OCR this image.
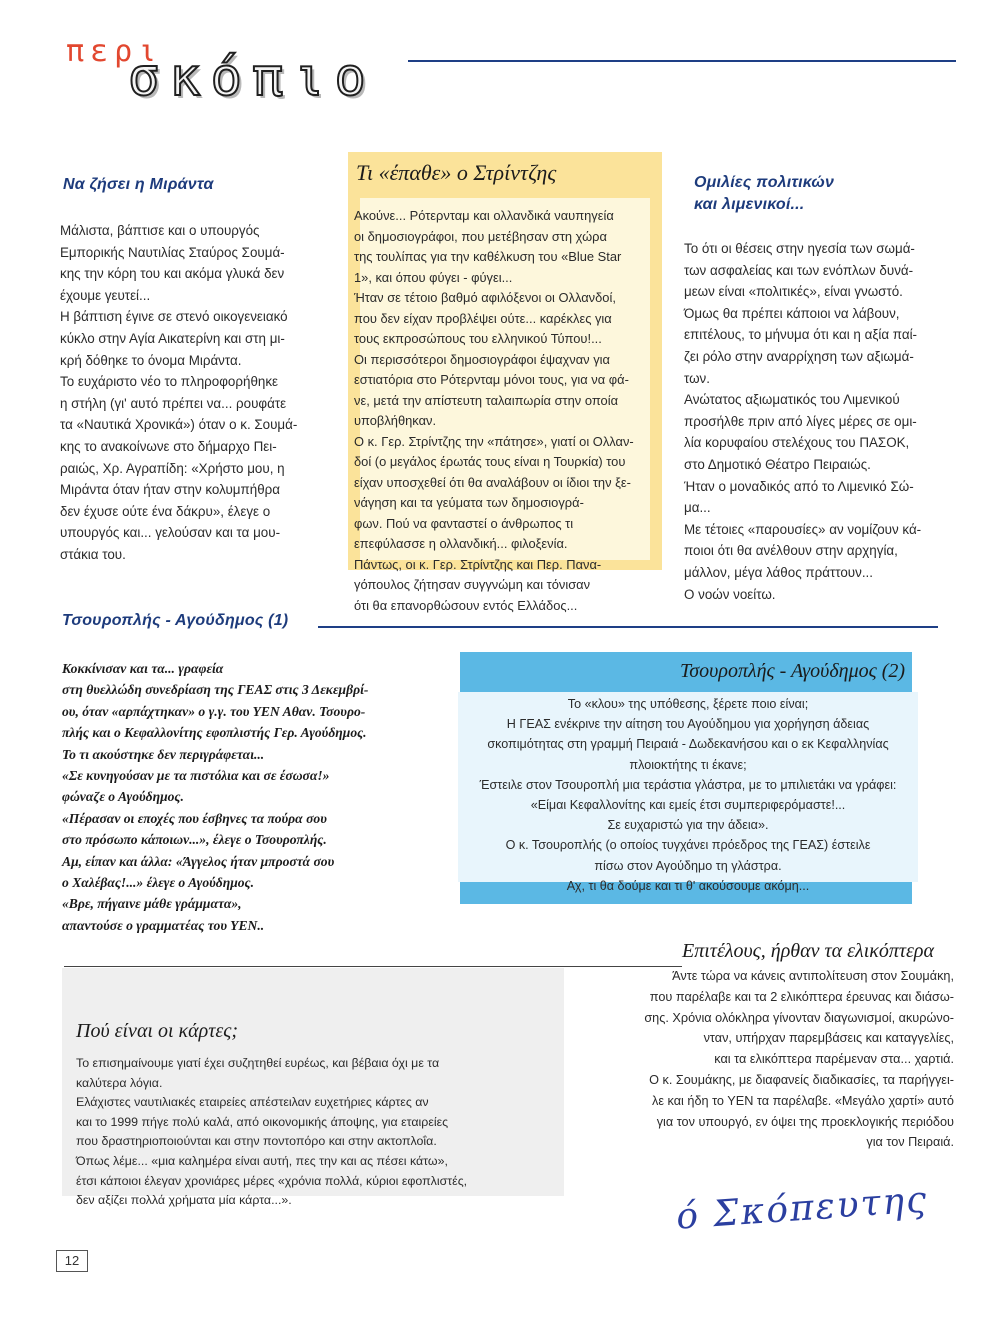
περι
σκόπιο
Να ζήσει η Μιράντα

Μάλιστα, βάπτισε και ο υπουργός

Εμπορικής Ναυτιλίας Σταύρος Σουμά-

κης την κόρη του και ακόμα γλυκά δεν

έχουμε γευτεί...

Η βάπτιση έγινε σε στενό οικογενειακό

κύκλο στην Αγία Αικατερίνη και στη μι-

κρή δόθηκε το όνομα Μιράντα.

Το ευχάριστο νέο το πληροφορήθηκε

η στήλη (γι' αυτό πρέπει να... ρουφάτε

τα «Ναυτικά Χρονικά») όταν ο κ. Σουμά-

κης το ανακοίνωνε στο δήμαρχο Πει-

ραιώς, Χρ. Αγραπίδη: «Χρήστο μου, η

Μιράντα όταν ήταν στην κολυμπήθρα

δεν έχυσε ούτε ένα δάκρυ», έλεγε ο

υπουργός και... γελούσαν και τα μου-

στάκια του.

Τι «έπαθε» ο Στρίντζης

Ακούνε... Ρότερνταμ και ολλανδικά ναυπηγεία

οι δημοσιογράφοι, που μετέβησαν στη χώρα

της τουλίπας για την καθέλκυση του «Blue Star

1», και όπου φύγει - φύγει...

Ήταν σε τέτοιο βαθμό αφιλόξενοι οι Ολλανδοί,

που δεν είχαν προβλέψει ούτε... καρέκλες για

τους εκπροσώπους του ελληνικού Τύπου!...

Οι περισσότεροι δημοσιογράφοι έψαχναν για

εστιατόρια στο Ρότερνταμ μόνοι τους, για να φά-

νε, μετά την απίστευτη ταλαιπωρία στην οποία

υποβλήθηκαν.

Ο κ. Γερ. Στρίντζης την «πάτησε», γιατί οι Ολλαν-

δοί (ο μεγάλος έρωτάς τους είναι η Τουρκία) του

είχαν υποσχεθεί ότι θα αναλάβουν οι ίδιοι την ξε-

νάγηση και τα γεύματα των δημοσιογρά-

φων. Πού να φανταστεί ο άνθρωπος τι

επεφύλασσε η ολλανδική... φιλοξενία.

Πάντως, οι κ. Γερ. Στρίντζης και Περ. Πανα-

γόπουλος ζήτησαν συγγνώμη και τόνισαν

ότι θα επανορθώσουν εντός Ελλάδος...

Ομιλίες πολιτικών
και λιμενικοί...

Το ότι οι θέσεις στην ηγεσία των σωμά-

των ασφαλείας και των ενόπλων δυνά-

μεων είναι «πολιτικές», είναι γνωστό.

Όμως θα πρέπει κάποιοι να λάβουν,

επιτέλους, το μήνυμα ότι και η αξία παί-

ζει ρόλο στην αναρρίχηση των αξιωμά-

των.

Ανώτατος αξιωματικός του Λιμενικού

προσήλθε πριν από λίγες μέρες σε ομι-

λία κορυφαίου στελέχους του ΠΑΣΟΚ,

στο Δημοτικό Θέατρο Πειραιώς.

Ήταν ο μοναδικός από το Λιμενικό Σώ-

μα...

Με τέτοιες «παρουσίες» αν νομίζουν κά-

ποιοι ότι θα ανέλθουν στην αρχηγία,

μάλλον, μέγα λάθος πράττουν...

Ο νοών νοείτω.

Τσουροπλής - Αγούδημος (1)

Κοκκίνισαν και τα... γραφεία

στη θυελλώδη συνεδρίαση της ΓΕΑΣ στις 3 Δεκεμβρί-

ου, όταν «αρπάχτηκαν» ο γ.γ. του ΥΕΝ Αθαν. Τσουρο-

πλής και ο Κεφαλλονίτης εφοπλιστής Γερ. Αγούδημος.

Το τι ακούστηκε δεν περιγράφεται...

«Σε κυνηγούσαν με τα πιστόλια και σε έσωσα!»

φώναζε ο Αγούδημος.

«Πέρασαν οι εποχές που έσβηνες τα πούρα σου

στο πρόσωπο κάποιων...», έλεγε ο Τσουροπλής.

Αμ, είπαν και άλλα: «Άγγελος ήταν μπροστά σου

ο Χαλέβας!...» έλεγε ο Αγούδημος.

«Βρε, πήγαινε μάθε γράμματα»,

απαντούσε ο γραμματέας του ΥΕΝ..

Τσουροπλής - Αγούδημος (2)

Το «κλου» της υπόθεσης, ξέρετε ποιο είναι;

Η ΓΕΑΣ ενέκρινε την αίτηση του Αγούδημου για χορήγηση άδειας

σκοπιμότητας στη γραμμή Πειραιά - Δωδεκανήσου και ο εκ Κεφαλληνίας

πλοιοκτήτης τι έκανε;

Έστειλε στον Τσουροπλή μια τεράστια γλάστρα, με το μπιλιετάκι να γράφει:

«Είμαι Κεφαλλονίτης και εμείς έτσι συμπεριφερόμαστε!...

Σε ευχαριστώ για την άδεια».

Ο κ. Τσουροπλής (ο οποίος τυγχάνει πρόεδρος της ΓΕΑΣ) έστειλε

πίσω στον Αγούδημο τη γλάστρα.

Αχ, τι θα δούμε και τι θ' ακούσουμε ακόμη...

Επιτέλους, ήρθαν τα ελικόπτερα
Πού είναι οι κάρτες;

Το επισημαίνουμε γιατί έχει συζητηθεί ευρέως, και βέβαια όχι με τα

καλύτερα λόγια.

Ελάχιστες ναυτιλιακές εταιρείες απέστειλαν ευχετήριες κάρτες αν

και το 1999 πήγε πολύ καλά, από οικονομικής άποψης, για εταιρείες

που δραστηριοποιούνται και στην ποντοπόρο και στην ακτοπλοΐα.

Όπως λέμε... «μια καλημέρα είναι αυτή, πες την και ας πέσει κάτω»,

έτσι κάποιοι έλεγαν χρονιάρες μέρες «χρόνια πολλά, κύριοι εφοπλιστές,

δεν αξίζει πολλά χρήματα μία κάρτα...».

Άντε τώρα να κάνεις αντιπολίτευση στον Σουμάκη,

που παρέλαβε και τα 2 ελικόπτερα έρευνας και διάσω-

σης. Χρόνια ολόκληρα γίνονταν διαγωνισμοί, ακυρώνο-

νταν, υπήρχαν παρεμβάσεις και καταγγελίες,

και τα ελικόπτερα παρέμεναν στα... χαρτιά.

Ο κ. Σουμάκης, με διαφανείς διαδικασίες, τα παρήγγει-

λε και ήδη το ΥΕΝ τα παρέλαβε. «Μεγάλο χαρτί» αυτό

για τον υπουργό, εν όψει της προεκλογικής περιόδου

για τον Πειραιά.

ό Σκόπευτης
12
